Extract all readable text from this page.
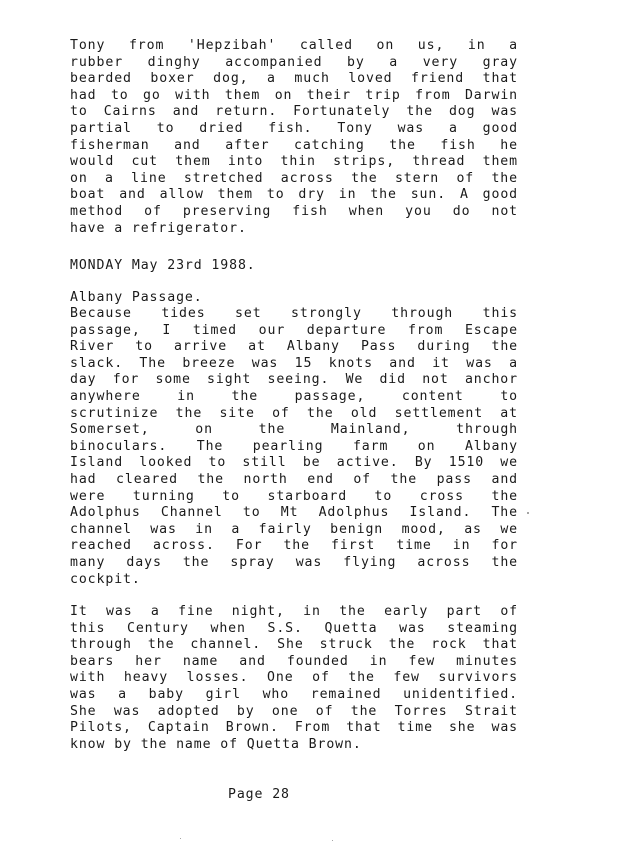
Tony from 'Hepzibah' called on us, in a
rubber dinghy accompanied by a very gray
bearded boxer dog, a much loved friend that
had to go with them on their trip from Darwin
to Cairns and return. Fortunately the dog was
partial to dried fish. Tony was a good
fisherman and after catching the fish he
would cut them into thin strips, thread them
on a line stretched across the stern of the
boat and allow them to dry in the sun. A good
method of preserving fish when you do not
have a refrigerator.
MONDAY May 23rd 1988.
Albany Passage.
Because tides set strongly through this
passage, I timed our departure from Escape
River to arrive at Albany Pass during the
slack. The breeze was 15 knots and it was a
day for some sight seeing. We did not anchor
anywhere in the passage, content to
scrutinize the site of the old settlement at
Somerset, on the Mainland, through
binoculars. The pearling farm on Albany
Island looked to still be active. By 1510 we
had cleared the north end of the pass and
were turning to starboard to cross the
Adolphus Channel to Mt Adolphus Island. The
channel was in a fairly benign mood, as we
reached across. For the first time in for
many days the spray was flying across the
cockpit.
It was a fine night, in the early part of
this Century when S.S. Quetta was steaming
through the channel. She struck the rock that
bears her name and founded in few minutes
with heavy losses. One of the few survivors
was a baby girl who remained unidentified.
She was adopted by one of the Torres Strait
Pilots, Captain Brown. From that time she was
know by the name of Quetta Brown.
Page 28
